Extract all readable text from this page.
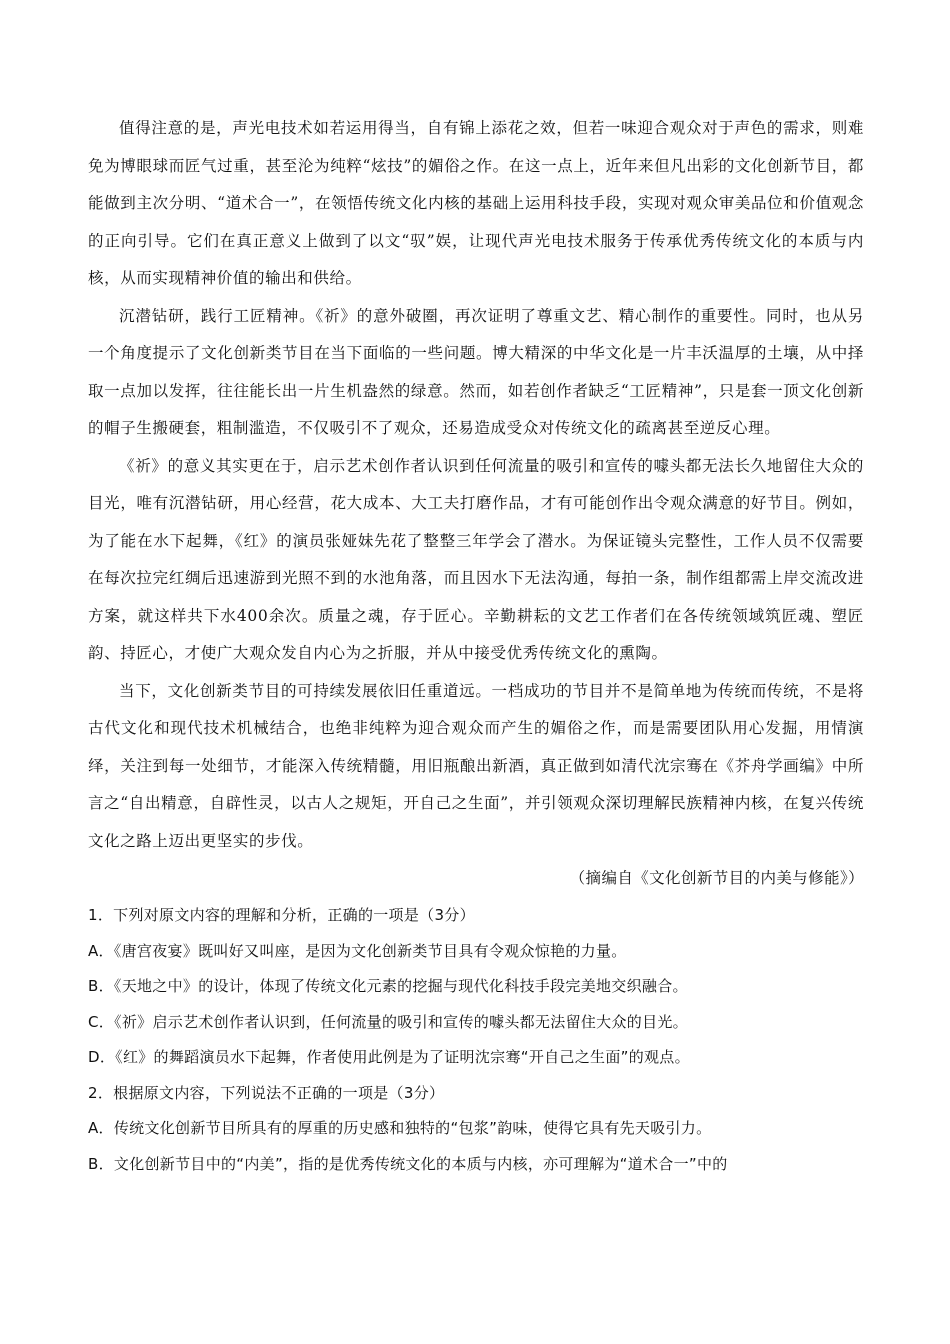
值得注意的是，声光电技术如若运用得当，自有锦上添花之效，但若一味迎合观众对于声色的需求，则难免为博眼球而匠气过重，甚至沦为纯粹“炫技”的媚俗之作。在这一点上，近年来但凡出彩的文化创新节目，都能做到主次分明、“道术合一”，在领悟传统文化内核的基础上运用科技手段，实现对观众审美品位和价值观念的正向引导。它们在真正意义上做到了以文“驭”娱，让现代声光电技术服务于传承优秀传统文化的本质与内核，从而实现精神价值的输出和供给。

沉潜钻研，践行工匠精神。《祈》的意外破圈，再次证明了尊重文艺、精心制作的重要性。同时，也从另一个角度提示了文化创新类节目在当下面临的一些问题。博大精深的中华文化是一片丰沃温厚的土壤，从中择取一点加以发挥，往往能长出一片生机盎然的绿意。然而，如若创作者缺乏“工匠精神”，只是套一顶文化创新的帽子生搬硬套，粗制滥造，不仅吸引不了观众，还易造成受众对传统文化的疏离甚至逆反心理。

《祈》的意义其实更在于，启示艺术创作者认识到任何流量的吸引和宣传的噱头都无法长久地留住大众的目光，唯有沉潜钻研，用心经营，花大成本、大工夫打磨作品，才有可能创作出令观众满意的好节目。例如，为了能在水下起舞，《红》的演员张娅妹先花了整整三年学会了潜水。为保证镜头完整性，工作人员不仅需要在每次拉完红绸后迅速游到光照不到的水池角落，而且因水下无法沟通，每拍一条，制作组都需上岸交流改进方案，就这样共下水400余次。质量之魂，存于匠心。辛勤耕耘的文艺工作者们在各传统领域筑匠魂、塑匠韵、持匠心，才使广大观众发自内心为之折服，并从中接受优秀传统文化的熏陶。

当下，文化创新类节目的可持续发展依旧任重道远。一档成功的节目并不是简单地为传统而传统，不是将古代文化和现代技术机械结合，也绝非纯粹为迎合观众而产生的媚俗之作，而是需要团队用心发掘，用情演绎，关注到每一处细节，才能深入传统精髓，用旧瓶酿出新酒，真正做到如清代沈宗骞在《芥舟学画编》中所言之“自出精意，自辟性灵，以古人之规矩，开自己之生面”，并引领观众深切理解民族精神内核，在复兴传统文化之路上迈出更坚实的步伐。

（摘编自《文化创新节目的内美与修能》）

1．下列对原文内容的理解和分析，正确的一项是（3分）

A．《唐宫夜宴》既叫好又叫座，是因为文化创新类节目具有令观众惊艳的力量。

B．《天地之中》的设计，体现了传统文化元素的挖掘与现代化科技手段完美地交织融合。

C．《祈》启示艺术创作者认识到，任何流量的吸引和宣传的噱头都无法留住大众的目光。

D．《红》的舞蹈演员水下起舞，作者使用此例是为了证明沈宗骞“开自己之生面”的观点。

2．根据原文内容，下列说法不正确的一项是（3分）

A．传统文化创新节目所具有的厚重的历史感和独特的“包浆”韵味，使得它具有先天吸引力。

B．文化创新节目中的“内美”，指的是优秀传统文化的本质与内核，亦可理解为“道术合一”中的
